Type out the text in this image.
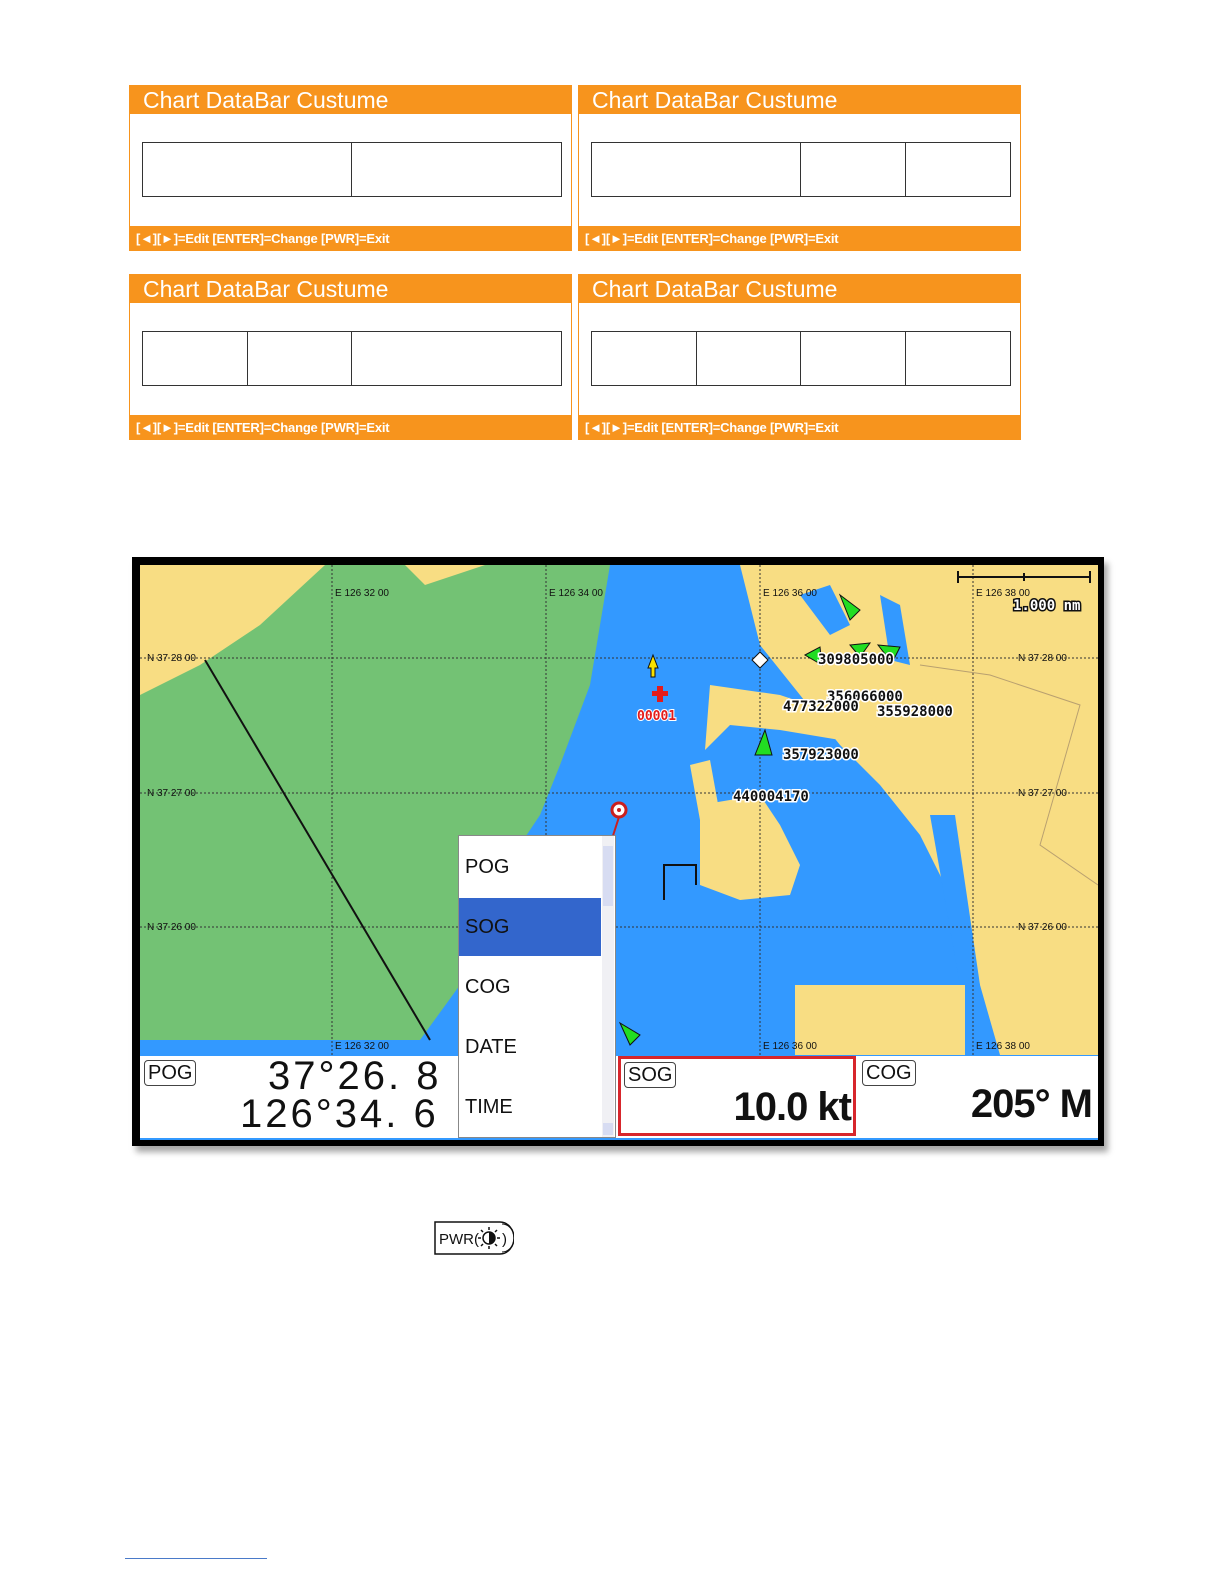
Chart DataBar Custume
[◄][►]=Edit [ENTER]=Change [PWR]=Exit
Chart DataBar Custume
[◄][►]=Edit [ENTER]=Change [PWR]=Exit
Chart DataBar Custume
[◄][►]=Edit [ENTER]=Change [PWR]=Exit
Chart DataBar Custume
[◄][►]=Edit [ENTER]=Change [PWR]=Exit
E 126 32 00	E 126 34 00	E 126 36 00	E 126 38 00
E 126 32 00	E 126 36 00	E 126 38 00
N 37 28 00
N 37 27 00
N 37 26 00
N 37 28 00
N 37 27 00
N 37 26 00
1.000 nm
309805000
356066000
477322000 355928000
357923000
440004170
00001
POG 37°26. 8
126°34. 6
SOG
10.0 kt
COG
205° M
POG
SOG
COG
DATE
TIME
PWR( )
